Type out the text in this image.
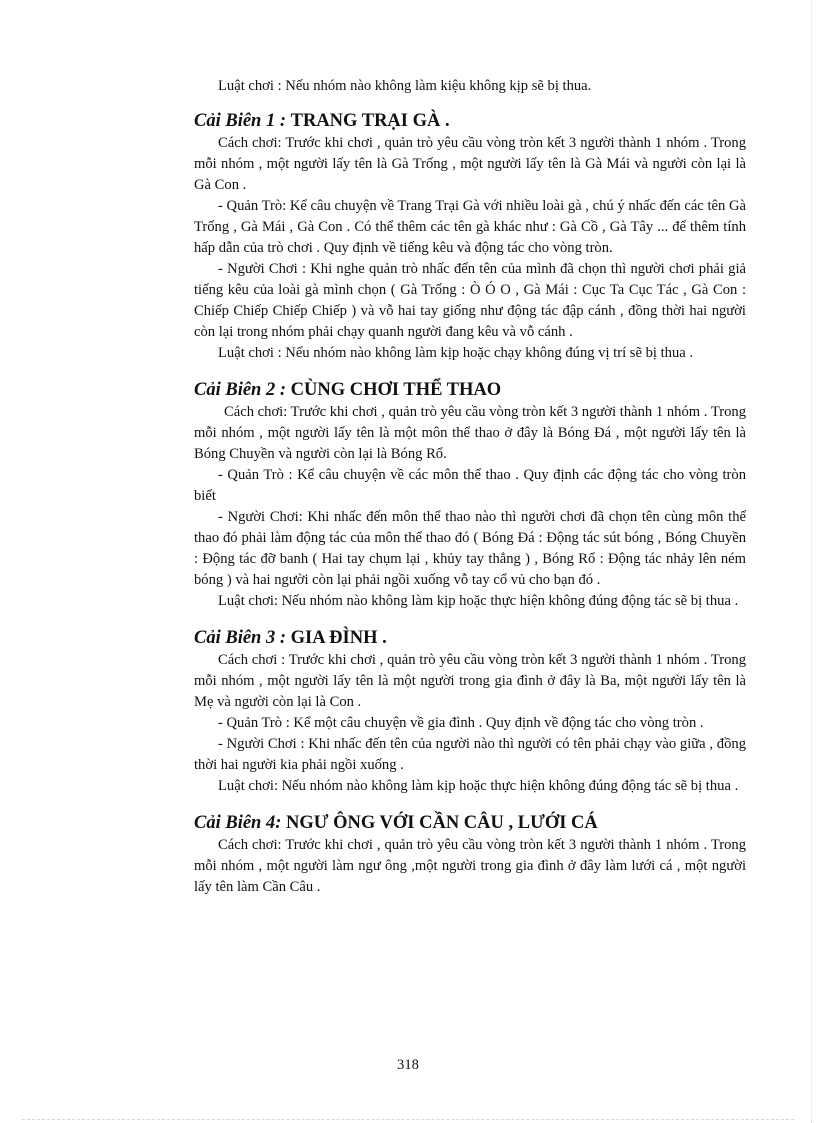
Luật chơi : Nếu nhóm nào không làm kiệu không kịp sẽ bị thua.

Cải Biên 1 : TRANG TRẠI GÀ .

Cách chơi: Trước khi chơi , quản trò yêu cầu vòng tròn kết 3 người thành 1 nhóm . Trong mỗi nhóm , một người lấy tên là Gà Trống , một người lấy tên là Gà Mái và người còn lại là Gà Con .

- Quản Trò: Kể câu chuyện về Trang Trại Gà với nhiều loài gà , chú ý nhấc đến các tên Gà Trống , Gà Mái , Gà Con . Có thể thêm các tên gà khác như : Gà Cồ , Gà Tây ... để thêm tính hấp dẫn của trò chơi . Quy định về tiếng kêu và động tác cho vòng tròn.

- Người Chơi : Khi nghe quản trò nhấc đến tên của mình đã chọn thì người chơi phải giả tiếng kêu của loài gà mình chọn ( Gà Trống : Ò Ó O , Gà Mái : Cục Ta Cục Tác , Gà Con : Chiếp Chiếp Chiếp Chiếp ) và vỗ hai tay giống như động tác đập cánh , đồng thời hai người còn lại trong nhóm phải chạy quanh người đang kêu và vỗ cánh .

Luật chơi : Nếu nhóm nào không làm kịp hoặc chạy không đúng vị trí sẽ bị thua .

Cải Biên 2 : CÙNG CHƠI THỂ THAO

Cách chơi: Trước khi chơi , quản trò yêu cầu vòng tròn kết 3 người thành 1 nhóm . Trong mỗi nhóm , một người lấy tên là một môn thể thao ở đây là Bóng Đá , một người lấy tên là Bóng Chuyền và người còn lại là Bóng Rổ.

- Quản Trò : Kể câu chuyện về các môn thể thao . Quy định các động tác cho vòng tròn biết

- Người Chơi: Khi nhấc đến môn thể thao nào thì người chơi đã chọn tên cùng môn thể thao đó phải làm động tác của môn thể thao đó ( Bóng Đá : Động tác sút bóng , Bóng Chuyền : Động tác đỡ banh ( Hai tay chụm lại , khủy tay thẳng ) , Bóng Rổ : Động tác nhảy lên ném bóng ) và hai người còn lại phải ngồi xuống vỗ tay cổ vủ cho bạn đó .

Luật chơi: Nếu nhóm nào không làm kịp hoặc thực hiện không đúng động tác sẽ bị thua .

Cải Biên 3 : GIA ĐÌNH .

Cách chơi : Trước khi chơi , quản trò yêu cầu vòng tròn kết 3 người thành 1 nhóm . Trong mỗi nhóm , một người lấy tên là một người trong gia đình ở đây là Ba, một người lấy tên là Mẹ và người còn lại là Con .

- Quản Trò : Kể một câu chuyện về gia đình . Quy định về động tác cho vòng tròn .

- Người Chơi : Khi nhấc đến tên của người nào thì người có tên phải chạy vào giữa , đồng thời hai người kia phải ngồi xuống .

Luật chơi: Nếu nhóm nào không làm kịp hoặc thực hiện không đúng động tác sẽ bị thua .

Cải Biên 4: NGƯ ÔNG VỚI CẦN CÂU , LƯỚI CÁ

Cách chơi: Trước khi chơi , quản trò yêu cầu vòng tròn kết 3 người thành 1 nhóm . Trong mỗi nhóm , một người làm ngư ông ,một người trong gia đình ở đây làm lưới cá , một người lấy tên làm Cần Câu .

318
